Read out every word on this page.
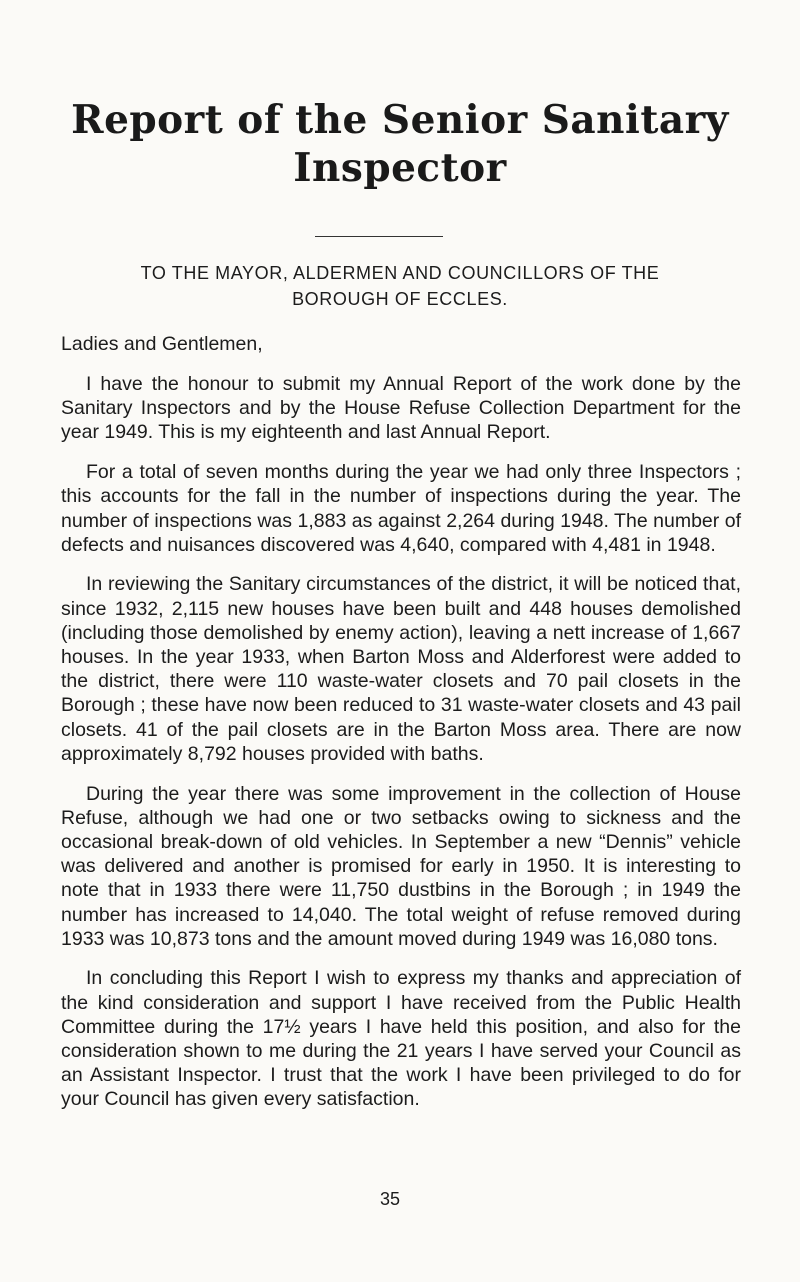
Report of the Senior Sanitary
Inspector
TO THE MAYOR, ALDERMEN AND COUNCILLORS OF THE
BOROUGH OF ECCLES.
Ladies and Gentlemen,

I have the honour to submit my Annual Report of the work done by the Sanitary Inspectors and by the House Refuse Collection Department for the year 1949. This is my eighteenth and last Annual Report.

For a total of seven months during the year we had only three Inspectors ; this accounts for the fall in the number of inspections during the year. The number of inspections was 1,883 as against 2,264 during 1948. The number of defects and nuisances discovered was 4,640, compared with 4,481 in 1948.

In reviewing the Sanitary circumstances of the district, it will be noticed that, since 1932, 2,115 new houses have been built and 448 houses demolished (including those demolished by enemy action), leaving a nett increase of 1,667 houses. In the year 1933, when Barton Moss and Alderforest were added to the district, there were 110 waste-water closets and 70 pail closets in the Borough ; these have now been reduced to 31 waste-water closets and 43 pail closets. 41 of the pail closets are in the Barton Moss area. There are now approximately 8,792 houses provided with baths.

During the year there was some improvement in the collection of House Refuse, although we had one or two setbacks owing to sickness and the occasional break-down of old vehicles. In September a new “Dennis” vehicle was delivered and another is promised for early in 1950. It is interesting to note that in 1933 there were 11,750 dustbins in the Borough ; in 1949 the number has increased to 14,040. The total weight of refuse removed during 1933 was 10,873 tons and the amount moved during 1949 was 16,080 tons.

In concluding this Report I wish to express my thanks and appreciation of the kind consideration and support I have received from the Public Health Committee during the 17½ years I have held this position, and also for the consideration shown to me during the 21 years I have served your Council as an Assistant Inspector. I trust that the work I have been privileged to do for your Council has given every satisfaction.

35
